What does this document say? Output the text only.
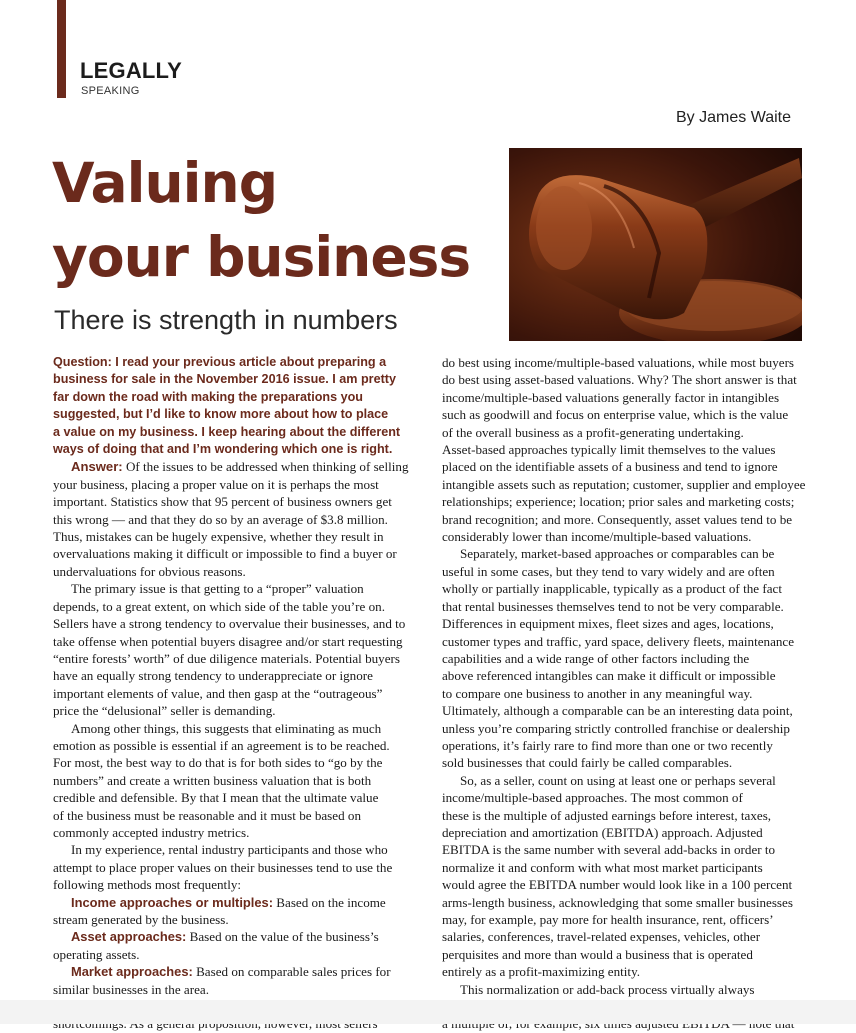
LEGALLY
SPEAKING
By James Waite
Valuing
your business
There is strength in numbers

Question: I read your previous article about preparing a

business for sale in the November 2016 issue. I am pretty

far down the road with making the preparations you

suggested, but I’d like to know more about how to place

a value on my business. I keep hearing about the different

ways of doing that and I’m wondering which one is right.

Answer: Of the issues to be addressed when thinking of selling

your business, placing a proper value on it is perhaps the most

important. Statistics show that 95 percent of business owners get

this wrong — and that they do so by an average of $3.8 million.

Thus, mistakes can be hugely expensive, whether they result in

overvaluations making it difficult or impossible to find a buyer or

undervaluations for obvious reasons.

The primary issue is that getting to a “proper” valuation

depends, to a great extent, on which side of the table you’re on.

Sellers have a strong tendency to overvalue their businesses, and to

take offense when potential buyers disagree and/or start requesting

“entire forests’ worth” of due diligence materials. Potential buyers

have an equally strong tendency to underappreciate or ignore

important elements of value, and then gasp at the “outrageous”

price the “delusional” seller is demanding.

Among other things, this suggests that eliminating as much

emotion as possible is essential if an agreement is to be reached.

For most, the best way to do that is for both sides to “go by the

numbers” and create a written business valuation that is both

credible and defensible. By that I mean that the ultimate value

of the business must be reasonable and it must be based on

commonly accepted industry metrics.

In my experience, rental industry participants and those who

attempt to place proper values on their businesses tend to use the

following methods most frequently:

Income approaches or multiples: Based on the income

stream generated by the business.

Asset approaches: Based on the value of the business’s

operating assets.

Market approaches: Based on comparable sales prices for

similar businesses in the area.

do best using income/multiple-based valuations, while most buyers

do best using asset-based valuations. Why? The short answer is that

income/multiple-based valuations generally factor in intangibles

such as goodwill and focus on enterprise value, which is the value

of the overall business as a profit-generating undertaking.

Asset-based approaches typically limit themselves to the values

placed on the identifiable assets of a business and tend to ignore

intangible assets such as reputation; customer, supplier and employee

relationships; experience; location; prior sales and marketing costs;

brand recognition; and more. Consequently, asset values tend to be

considerably lower than income/multiple-based valuations.

Separately, market-based approaches or comparables can be

useful in some cases, but they tend to vary widely and are often

wholly or partially inapplicable, typically as a product of the fact

that rental businesses themselves tend to not be very comparable.

Differences in equipment mixes, fleet sizes and ages, locations,

customer types and traffic, yard space, delivery fleets, maintenance

capabilities and a wide range of other factors including the

above referenced intangibles can make it difficult or impossible

to compare one business to another in any meaningful way.

Ultimately, although a comparable can be an interesting data point,

unless you’re comparing strictly controlled franchise or dealership

operations, it’s fairly rare to find more than one or two recently

sold businesses that could fairly be called comparables.

So, as a seller, count on using at least one or perhaps several

income/multiple-based approaches. The most common of

these is the multiple of adjusted earnings before interest, taxes,

depreciation and amortization (EBITDA) approach. Adjusted

EBITDA is the same number with several add-backs in order to

normalize it and conform with what most market participants

would agree the EBITDA number would look like in a 100 percent

arms-length business, acknowledging that some smaller businesses

may, for example, pay more for health insurance, rent, officers’

salaries, conferences, travel-related expenses, vehicles, other

perquisites and more than would a business that is operated

entirely as a profit-maximizing entity.

This normalization or add-back process virtually always
